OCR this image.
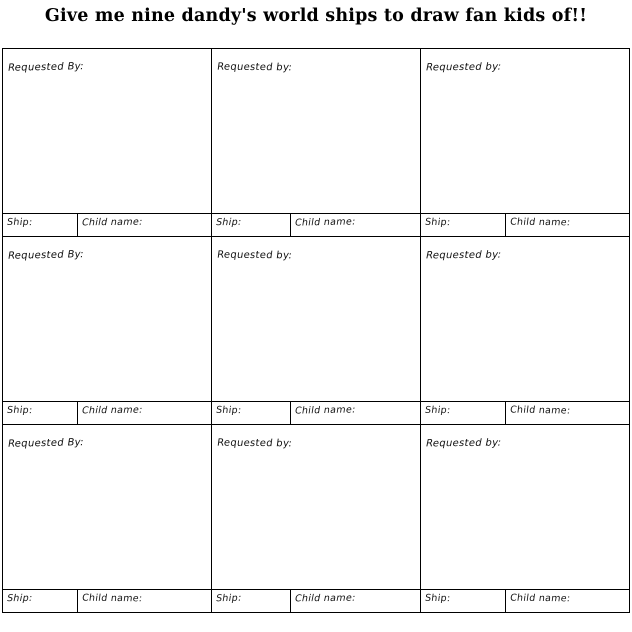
Give me nine dandy's world ships to draw fan kids of!!
Requested By:
Ship:	Child name:
Requested by:
Ship:	Child name:
Requested by:
Ship:	Child name:
Requested By:
Ship:	Child name:
Requested by:
Ship:	Child name:
Requested by:
Ship:	Child name:
Requested By:
Ship:	Child name:
Requested by:
Ship:	Child name:
Requested by:
Ship:	Child name:
